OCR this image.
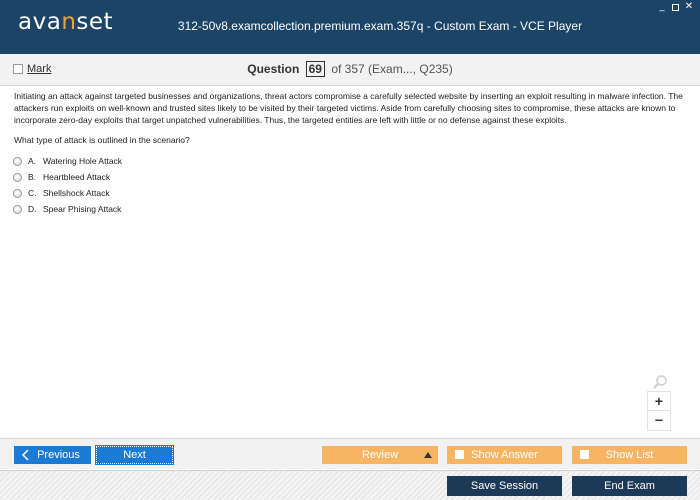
avanset	312-50v8.examcollection.premium.exam.357q - Custom Exam - VCE Player
_ ✕
Mark	Question 69 of 357 (Exam..., Q235)
Initiating an attack against targeted businesses and organizations, threat actors compromise a carefully selected website by inserting an exploit resulting in malware infection. The attackers run exploits on well-known and trusted sites likely to be visited by their targeted victims. Aside from carefully choosing sites to compromise, these attacks are known to incorporate zero-day exploits that target unpatched vulnerabilities. Thus, the targeted entities are left with little or no defense against these exploits.
What type of attack is outlined in the scenario?
A. Watering Hole Attack
B. Heartbleed Attack
C. Shellshock Attack
D. Spear Phising Attack
+
−
Previous	Next	Review	Show Answer	Show List
Save Session	End Exam
